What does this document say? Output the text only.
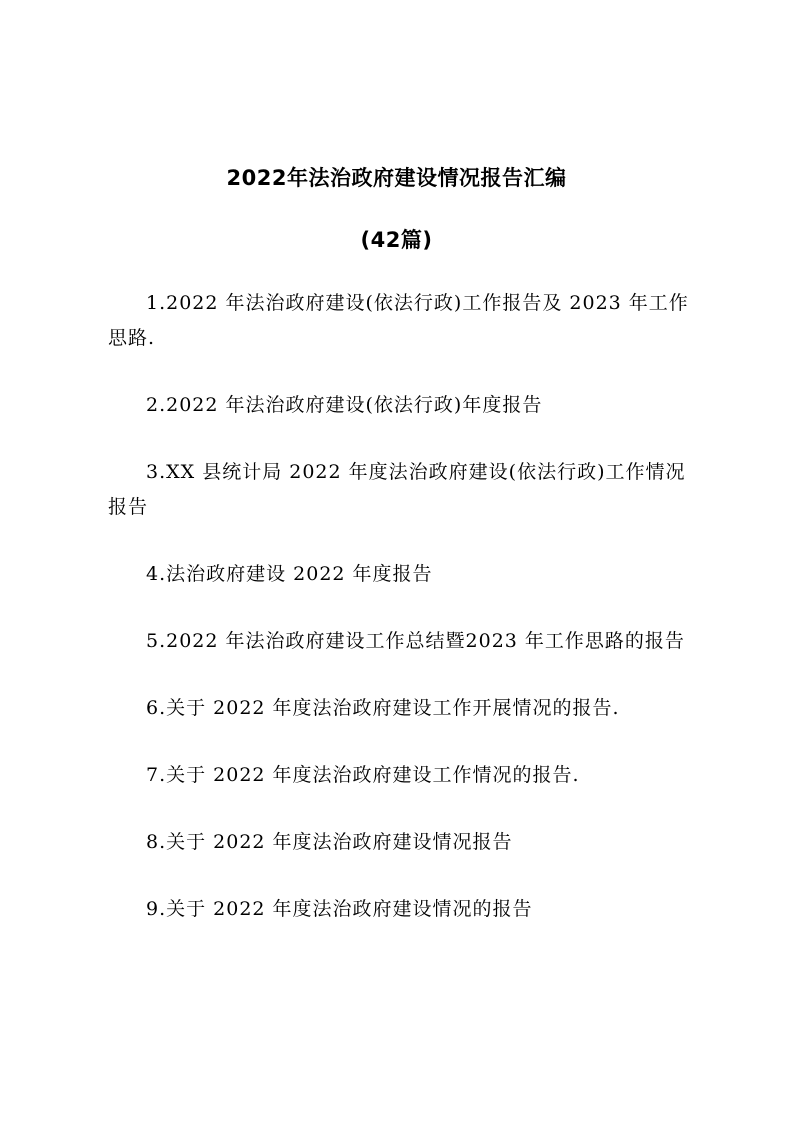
2022年法治政府建设情况报告汇编
(42篇)

1.2022 年法治政府建设(依法行政)工作报告及 2023 年工作思路.

2.2022 年法治政府建设(依法行政)年度报告

3.XX 县统计局 2022 年度法治政府建设(依法行政)工作情况报告

4.法治政府建设 2022 年度报告

5.2022 年法治政府建设工作总结暨2023 年工作思路的报告

6.关于 2022 年度法治政府建设工作开展情况的报告.

7.关于 2022 年度法治政府建设工作情况的报告.

8.关于 2022 年度法治政府建设情况报告

9.关于 2022 年度法治政府建设情况的报告
